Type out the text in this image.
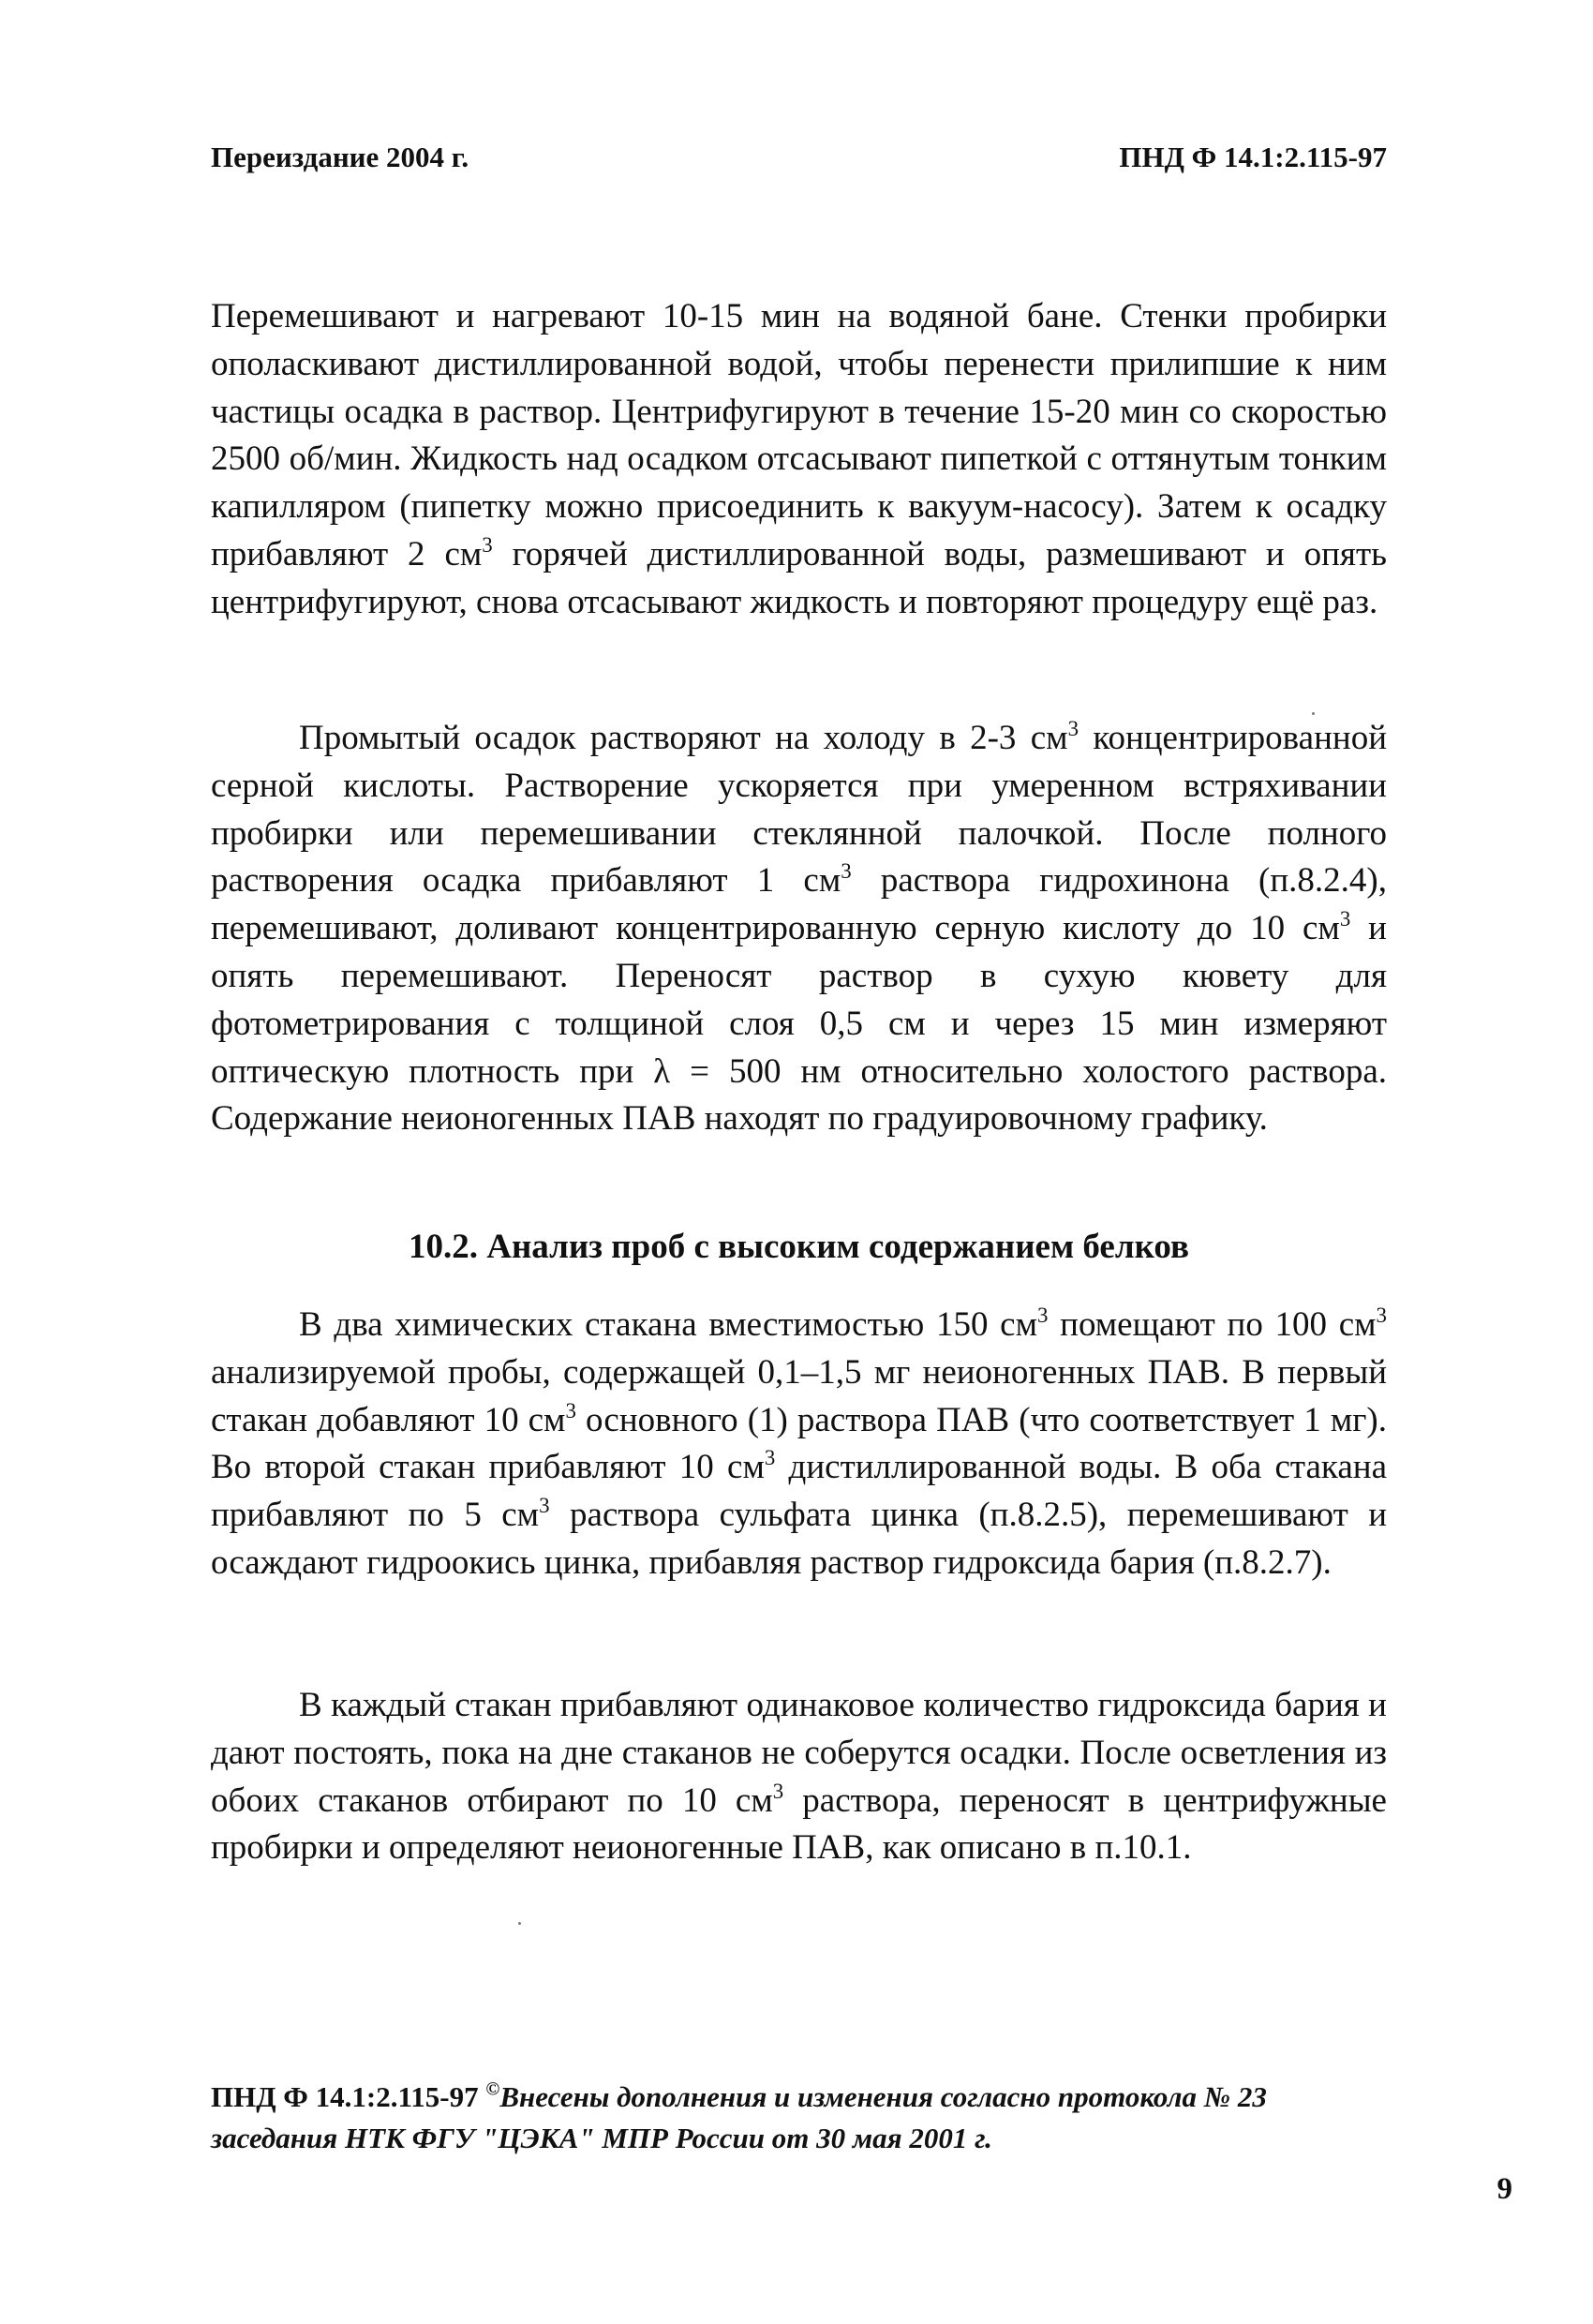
Переиздание 2004 г.	ПНД Ф 14.1:2.115-97

Перемешивают и нагревают 10-15 мин на водяной бане. Стенки пробирки ополаскивают дистиллированной водой, чтобы перенести прилипшие к ним частицы осадка в раствор. Центрифугируют в течение 15-20 мин со скоростью 2500 об/мин. Жидкость над осадком отсасывают пипеткой с оттянутым тонким капилляром (пипетку можно присоединить к вакуум-насосу). Затем к осадку прибавляют 2 $см^3$ горячей дистиллированной воды, размешивают и опять центрифугируют, снова отсасывают жидкость и повторяют процедуру ещё раз.

Промытый осадок растворяют на холоду в 2-3 $см^3$ концентрированной серной кислоты. Растворение ускоряется при умеренном встряхивании пробирки или перемешивании стеклянной палочкой. После полного растворения осадка прибавляют 1 $см^3$ раствора гидрохинона (п.8.2.4), перемешивают, доливают концентрированную серную кислоту до 10 $см^3$ и опять перемешивают. Переносят раствор в сухую кювету для фотометрирования с толщиной слоя 0,5 см и через 15 мин измеряют оптическую плотность при λ = 500 нм относительно холостого раствора. Содержание неионогенных ПАВ находят по градуировочному графику.

10.2. Анализ проб с высоким содержанием белков

В два химических стакана вместимостью 150 $см^3$ помещают по 100 $см^3$ анализируемой пробы, содержащей 0,1–1,5 мг неионогенных ПАВ. В первый стакан добавляют 10 $см^3$ основного (1) раствора ПАВ (что соответствует 1 мг). Во второй стакан прибавляют 10 $см^3$ дистиллированной воды. В оба стакана прибавляют по 5 $см^3$ раствора сульфата цинка (п.8.2.5), перемешивают и осаждают гидроокись цинка, прибавляя раствор гидроксида бария (п.8.2.7).

В каждый стакан прибавляют одинаковое количество гидроксида бария и дают постоять, пока на дне стаканов не соберутся осадки. После осветления из обоих стаканов отбирают по 10 $см^3$ раствора, переносят в центрифужные пробирки и определяют неионогенные ПАВ, как описано в п.10.1.

ПНД Ф 14.1:2.115-97 ©Внесены дополнения и изменения согласно протокола № 23 заседания НТК ФГУ "ЦЭКА" МПР России от 30 мая 2001 г.
9
